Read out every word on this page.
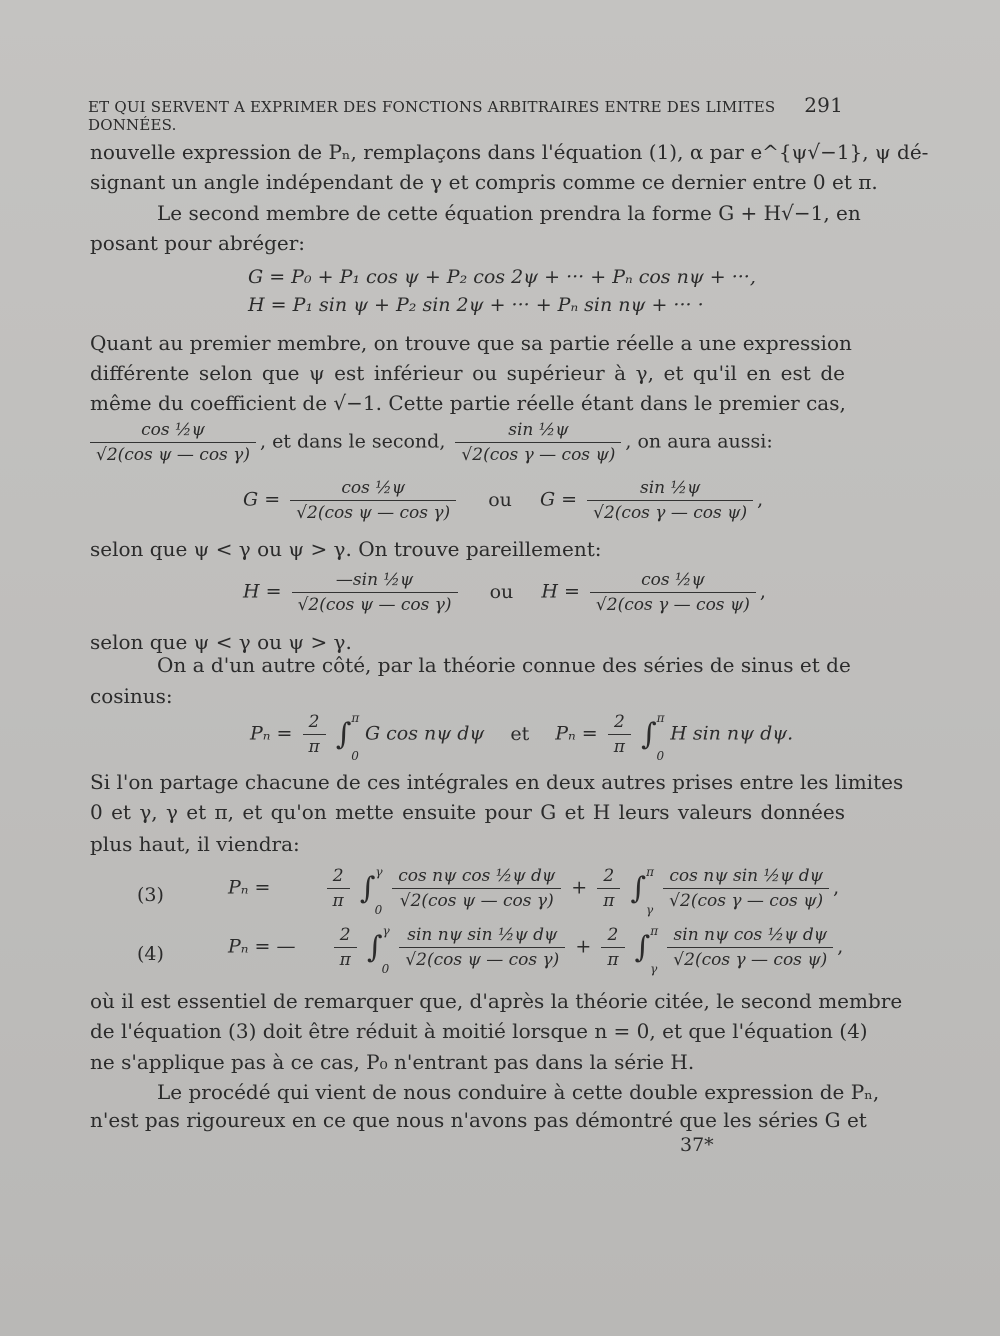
ET QUI SERVENT A EXPRIMER DES FONCTIONS ARBITRAIRES ENTRE DES LIMITES DONNÉES.
291
nouvelle expression de Pₙ, remplaçons dans l'équation (1), α par e^{ψ√−1}, ψ dé-
signant un angle indépendant de γ et compris comme ce dernier entre 0 et π.
Le second membre de cette équation prendra la forme G + H√−1, en
posant pour abréger:
G = P₀ + P₁ cos ψ + P₂ cos 2ψ + ··· + Pₙ cos nψ + ···,
H = P₁ sin ψ + P₂ sin 2ψ + ··· + Pₙ sin nψ + ··· ·
Quant au premier membre, on trouve que sa partie réelle a une expression
différente selon que ψ est inférieur ou supérieur à γ, et qu'il en est de
même du coefficient de √−1. Cette partie réelle étant dans le premier cas,
$\frac{\text{cos ½ψ}}{\text{√2(cos ψ — cos γ)}}$ , et dans le second, $\frac{\text{sin ½ψ}}{\text{√2(cos γ — cos ψ)}}$ , on aura aussi:
$G = \frac{\text{cos ½ψ}}{\text{√2(cos ψ — cos γ)}}$ ou $G = \frac{\text{sin ½ψ}}{\text{√2(cos γ — cos ψ)}}$ ,
selon que ψ < γ ou ψ > γ. On trouve pareillement:
$H = \frac{\text{—sin ½ψ}}{\text{√2(cos ψ — cos γ)}}$ ou $H = \frac{\text{cos ½ψ}}{\text{√2(cos γ — cos ψ)}}$ ,
selon que ψ < γ ou ψ > γ.
On a d'un autre côté, par la théorie connue des séries de sinus et de
cosinus:
$P_n = \frac{2}{\pi} \int^\pi_0$ G cos nψ dψ et $P_n = \frac{2}{\pi} \int^\pi_0$ H sin nψ dψ.
Si l'on partage chacune de ces intégrales en deux autres prises entre les limites
0 et γ, γ et π, et qu'on mette ensuite pour G et H leurs valeurs données
plus haut, il viendra:
(3)	Pₙ =	$\frac{2}{\pi} \int^\gamma_0 \frac{\text{cos nψ cos ½ψ dψ}}{\text{√2(cos ψ — cos γ)}} + \frac{2}{\pi} \int^\pi_\gamma \frac{\text{cos nψ sin ½ψ dψ}}{\text{√2(cos γ — cos ψ)}}$ ,
(4)	Pₙ = — $\frac{2}{\pi} \int^\gamma_0 \frac{\text{sin nψ sin ½ψ dψ}}{\text{√2(cos ψ — cos γ)}} + \frac{2}{\pi} \int^\pi_\gamma \frac{\text{sin nψ cos ½ψ dψ}}{\text{√2(cos γ — cos ψ)}}$ ,
où il est essentiel de remarquer que, d'après la théorie citée, le second membre
de l'équation (3) doit être réduit à moitié lorsque n = 0, et que l'équation (4)
ne s'applique pas à ce cas, P₀ n'entrant pas dans la série H.
Le procédé qui vient de nous conduire à cette double expression de Pₙ,
n'est pas rigoureux en ce que nous n'avons pas démontré que les séries G et
37*
